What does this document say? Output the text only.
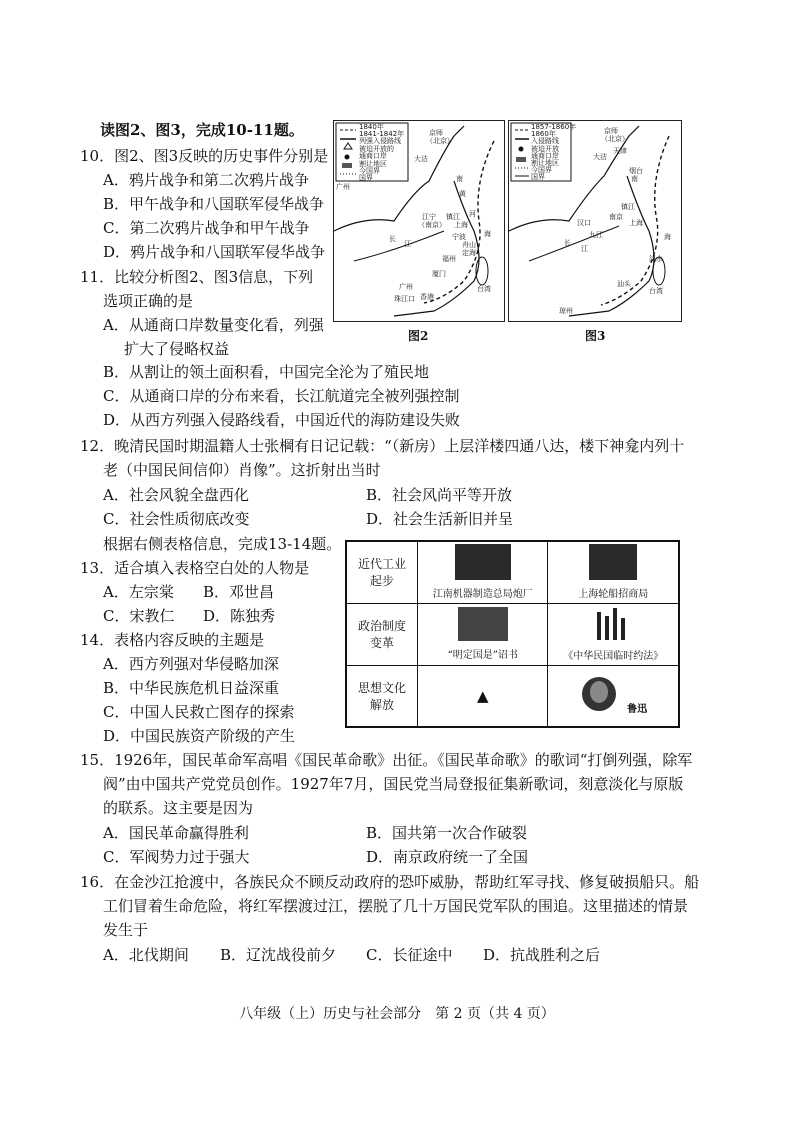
读图2、图3，完成10-11题。
10．图2、图3反映的历史事件分别是
A．鸦片战争和第二次鸦片战争
B．甲午战争和八国联军侵华战争
C．第二次鸦片战争和甲午战争
D．鸦片战争和八国联军侵华战争
11．比较分析图2、图3信息，下列
选项正确的是
A．从通商口岸数量变化看，列强
扩大了侵略权益
B．从割让的领土面积看，中国完全沦为了殖民地
C．从通商口岸的分布来看，长江航道完全被列强控制
D．从西方列强入侵路线看，中国近代的海防建设失败
1840年
1841-1842年
列强入侵路线
被迫开放的
通商口岸
割让地区
广州
今国界
国界
京师
（北京）
大沽
黄
河
江宁
（南京）
镇江
上海
长
江
宁波
舟山
定海
福州
厦门
台湾
广州
香港
珠江口
海
南
图2
1857-1860年
1860年
入侵路线
被迫开放
通商口岸
割让地区
今国界
国界
京师
（北京）
大沽
天津
烟台
镇江
南京
上海
汉口
九江
长
江
淡水
台湾
汕头
琼州
海
南
图3
12．晚清民国时期温籍人士张棡有日记记载：“（新房）上层洋楼四通八达，楼下神龛内列十
老（中国民间信仰）肖像”。这折射出当时
A．社会风貌全盘西化	B．社会风尚平等开放
C．社会性质彻底改变	D．社会生活新旧并呈
根据右侧表格信息，完成13-14题。
13．适合填入表格空白处的人物是
A．左宗棠 B．邓世昌
C．宋教仁 D．陈独秀
14．表格内容反映的主题是
A．西方列强对华侵略加深
B．中华民族危机日益深重
C．中国人民救亡图存的探索
D．中国民族资产阶级的产生
近代工业
起步	江南机器制造总局炮厂	上海轮船招商局

政治制度
变革	“明定国是”诏书	《中华民国临时约法》

思想文化
解放	▲	鲁迅
15．1926年，国民革命军高唱《国民革命歌》出征。《国民革命歌》的歌词“打倒列强，除军
阀”由中国共产党党员创作。1927年7月，国民党当局登报征集新歌词，刻意淡化与原版
的联系。这主要是因为
A．国民革命赢得胜利	B．国共第一次合作破裂
C．军阀势力过于强大	D．南京政府统一了全国
16．在金沙江抢渡中，各族民众不顾反动政府的恐吓威胁，帮助红军寻找、修复破损船只。船
工们冒着生命危险，将红军摆渡过江，摆脱了几十万国民党军队的围追。这里描述的情景
发生于
A．北伐期间 B．辽沈战役前夕 C．长征途中 D．抗战胜利之后
八年级（上）历史与社会部分　第 2 页（共 4 页）
